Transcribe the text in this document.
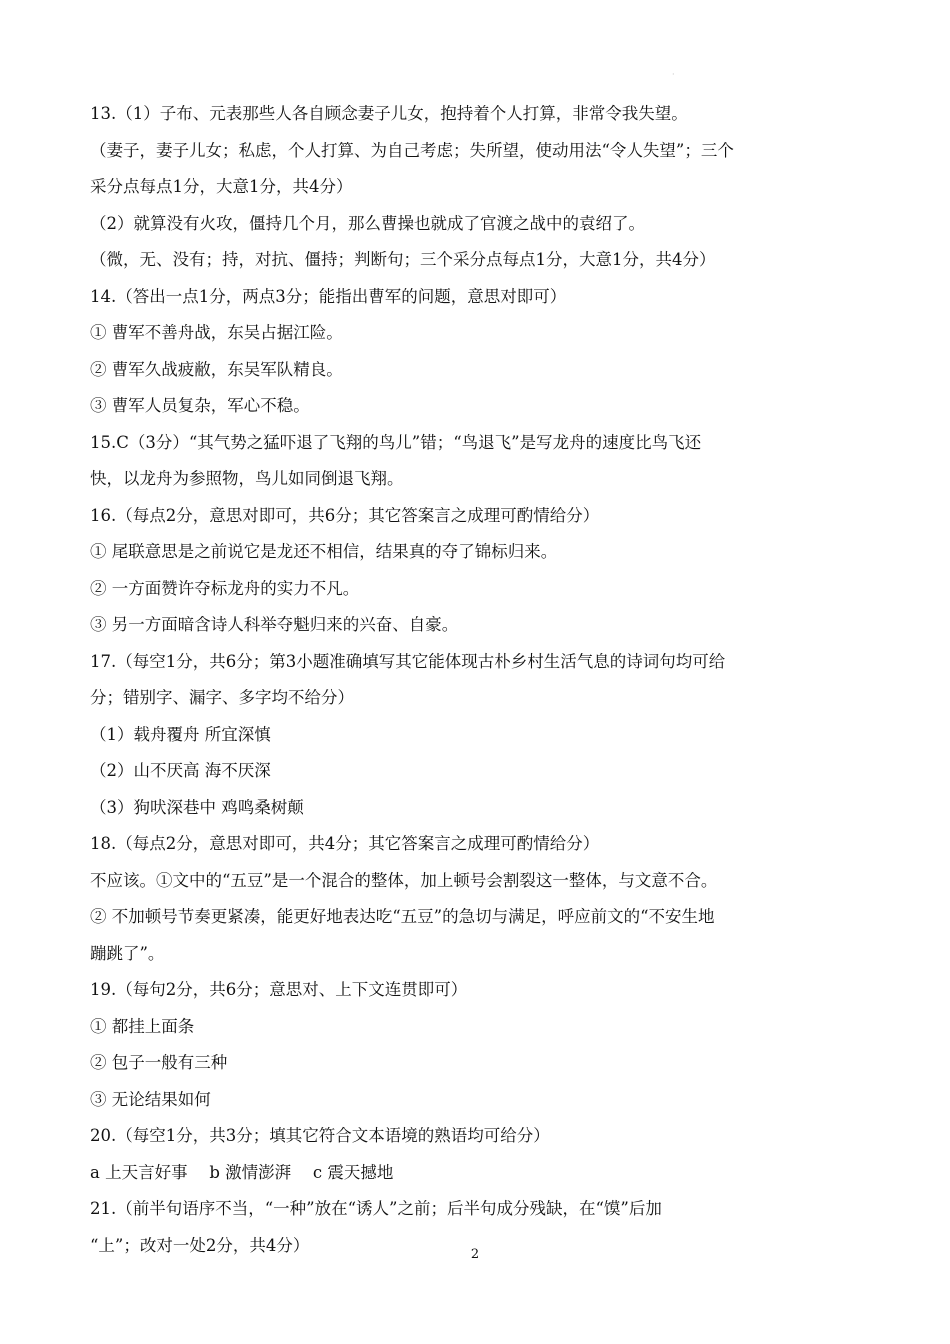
·
13.（1）子布、元表那些人各自顾念妻子儿女，抱持着个人打算，非常令我失望。
（妻子，妻子儿女；私虑，个人打算、为自己考虑；失所望，使动用法“令人失望”；三个
采分点每点1分，大意1分，共4分）
（2）就算没有火攻，僵持几个月，那么曹操也就成了官渡之战中的袁绍了。
（微，无、没有；持，对抗、僵持；判断句；三个采分点每点1分，大意1分，共4分）
14.（答出一点1分，两点3分；能指出曹军的问题，意思对即可）
① 曹军不善舟战，东吴占据江险。
② 曹军久战疲敝，东吴军队精良。
③ 曹军人员复杂，军心不稳。
15.C（3分）“其气势之猛吓退了飞翔的鸟儿”错；“鸟退飞”是写龙舟的速度比鸟飞还
快，以龙舟为参照物，鸟儿如同倒退飞翔。
16.（每点2分，意思对即可，共6分；其它答案言之成理可酌情给分）
① 尾联意思是之前说它是龙还不相信，结果真的夺了锦标归来。
② 一方面赞许夺标龙舟的实力不凡。
③ 另一方面暗含诗人科举夺魁归来的兴奋、自豪。
17.（每空1分，共6分；第3小题准确填写其它能体现古朴乡村生活气息的诗词句均可给
分；错别字、漏字、多字均不给分）
（1）载舟覆舟 所宜深慎
（2）山不厌高 海不厌深
（3）狗吠深巷中 鸡鸣桑树颠
18.（每点2分，意思对即可，共4分；其它答案言之成理可酌情给分）
不应该。①文中的“五豆”是一个混合的整体，加上顿号会割裂这一整体，与文意不合。
② 不加顿号节奏更紧凑，能更好地表达吃“五豆”的急切与满足，呼应前文的“不安生地
蹦跳了”。
19.（每句2分，共6分；意思对、上下文连贯即可）
① 都挂上面条
② 包子一般有三种
③ 无论结果如何
20.（每空1分，共3分；填其它符合文本语境的熟语均可给分）
a 上天言好事　 b 激情澎湃　 c 震天撼地
21.（前半句语序不当，“一种”放在“诱人”之前；后半句成分残缺，在“馍”后加
“上”；改对一处2分，共4分）	2
